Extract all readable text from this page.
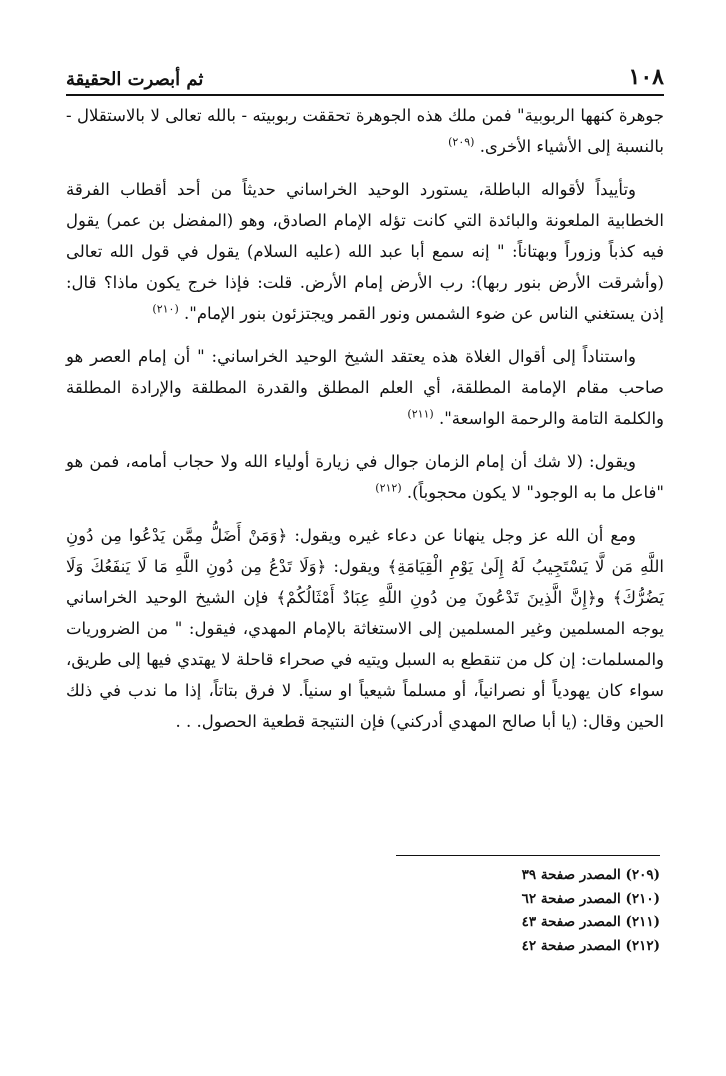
١٠٨
ثم أبصرت الحقيقة

جوهرة كنهها الربوبية" فمن ملك هذه الجوهرة تحققت ربوبيته - بالله تعالى لا بالاستقلال - بالنسبة إلى الأشياء الأخرى. $^{(٢٠٩)}$

وتأييداً لأقواله الباطلة، يستورد الوحيد الخراساني حديثاً من أحد أقطاب الفرقة الخطابية الملعونة والبائدة التي كانت تؤله الإمام الصادق، وهو (المفضل بن عمر) يقول فيه كذباً وزوراً وبهتاناً: " إنه سمع أبا عبد الله (عليه السلام) يقول في قول الله تعالى (وأشرقت الأرض بنور ربها): رب الأرض إمام الأرض. قلت: فإذا خرج يكون ماذا؟ قال: إذن يستغني الناس عن ضوء الشمس ونور القمر ويجتزئون بنور الإمام". $^{(٢١٠)}$

واستناداً إلى أقوال الغلاة هذه يعتقد الشيخ الوحيد الخراساني: " أن إمام العصر هو صاحب مقام الإمامة المطلقة، أي العلم المطلق والقدرة المطلقة والإرادة المطلقة والكلمة التامة والرحمة الواسعة". $^{(٢١١)}$

ويقول: (لا شك أن إمام الزمان جوال في زيارة أولياء الله ولا حجاب أمامه، فمن هو "فاعل ما به الوجود" لا يكون محجوباً). $^{(٢١٢)}$

ومع أن الله عز وجل ينهانا عن دعاء غيره ويقول: ﴿وَمَنْ أَضَلُّ مِمَّن يَدْعُوا مِن دُونِ اللَّهِ مَن لَّا يَسْتَجِيبُ لَهُ إِلَىٰ يَوْمِ الْقِيَامَةِ﴾ ويقول: ﴿وَلَا تَدْعُ مِن دُونِ اللَّهِ مَا لَا يَنفَعُكَ وَلَا يَضُرُّكَ﴾ و﴿إِنَّ الَّذِينَ تَدْعُونَ مِن دُونِ اللَّهِ عِبَادٌ أَمْثَالُكُمْ﴾ فإن الشيخ الوحيد الخراساني يوجه المسلمين وغير المسلمين إلى الاستغاثة بالإمام المهدي، فيقول: " من الضروريات والمسلمات: إن كل من تنقطع به السبل ويتيه في صحراء قاحلة لا يهتدي فيها إلى طريق، سواء كان يهودياً أو نصرانياً، أو مسلماً شيعياً او سنياً. لا فرق بتاتاً، إذا ما ندب في ذلك الحين وقال: (يا أبا صالح المهدي أدركني) فإن النتيجة قطعية الحصول. . .

(٢٠٩) المصدر صفحة ٣٩
(٢١٠) المصدر صفحة ٦٢
(٢١١) المصدر صفحة ٤٣
(٢١٢) المصدر صفحة ٤٢
